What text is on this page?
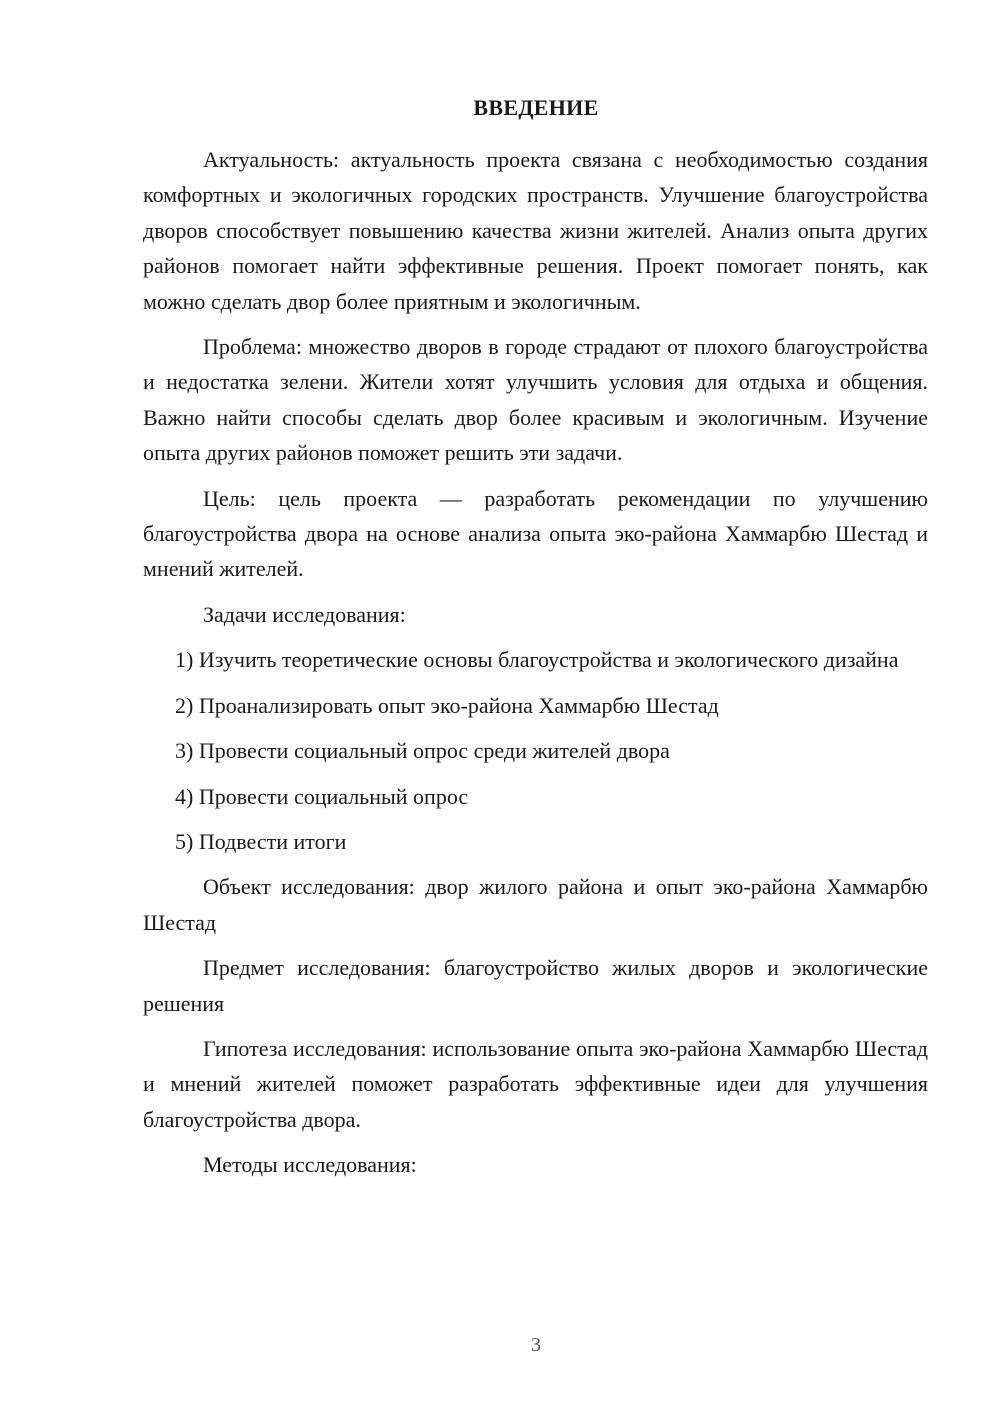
ВВЕДЕНИЕ

Актуальность: актуальность проекта связана с необходимостью создания комфортных и экологичных городских пространств. Улучшение благоустройства дворов способствует повышению качества жизни жителей. Анализ опыта других районов помогает найти эффективные решения. Проект помогает понять, как можно сделать двор более приятным и экологичным.

Проблема: множество дворов в городе страдают от плохого благоустройства и недостатка зелени. Жители хотят улучшить условия для отдыха и общения. Важно найти способы сделать двор более красивым и экологичным. Изучение опыта других районов поможет решить эти задачи.

Цель: цель проекта — разработать рекомендации по улучшению благоустройства двора на основе анализа опыта эко-района Хаммарбю Шестад и мнений жителей.

Задачи исследования:

1) Изучить теоретические основы благоустройства и экологического дизайна

2) Проанализировать опыт эко-района Хаммарбю Шестад

3) Провести социальный опрос среди жителей двора

4) Провести социальный опрос

5) Подвести итоги

Объект исследования: двор жилого района и опыт эко-района Хаммарбю Шестад

Предмет исследования: благоустройство жилых дворов и экологические решения

Гипотеза исследования: использование опыта эко-района Хаммарбю Шестад и мнений жителей поможет разработать эффективные идеи для улучшения благоустройства двора.

Методы исследования:

3
